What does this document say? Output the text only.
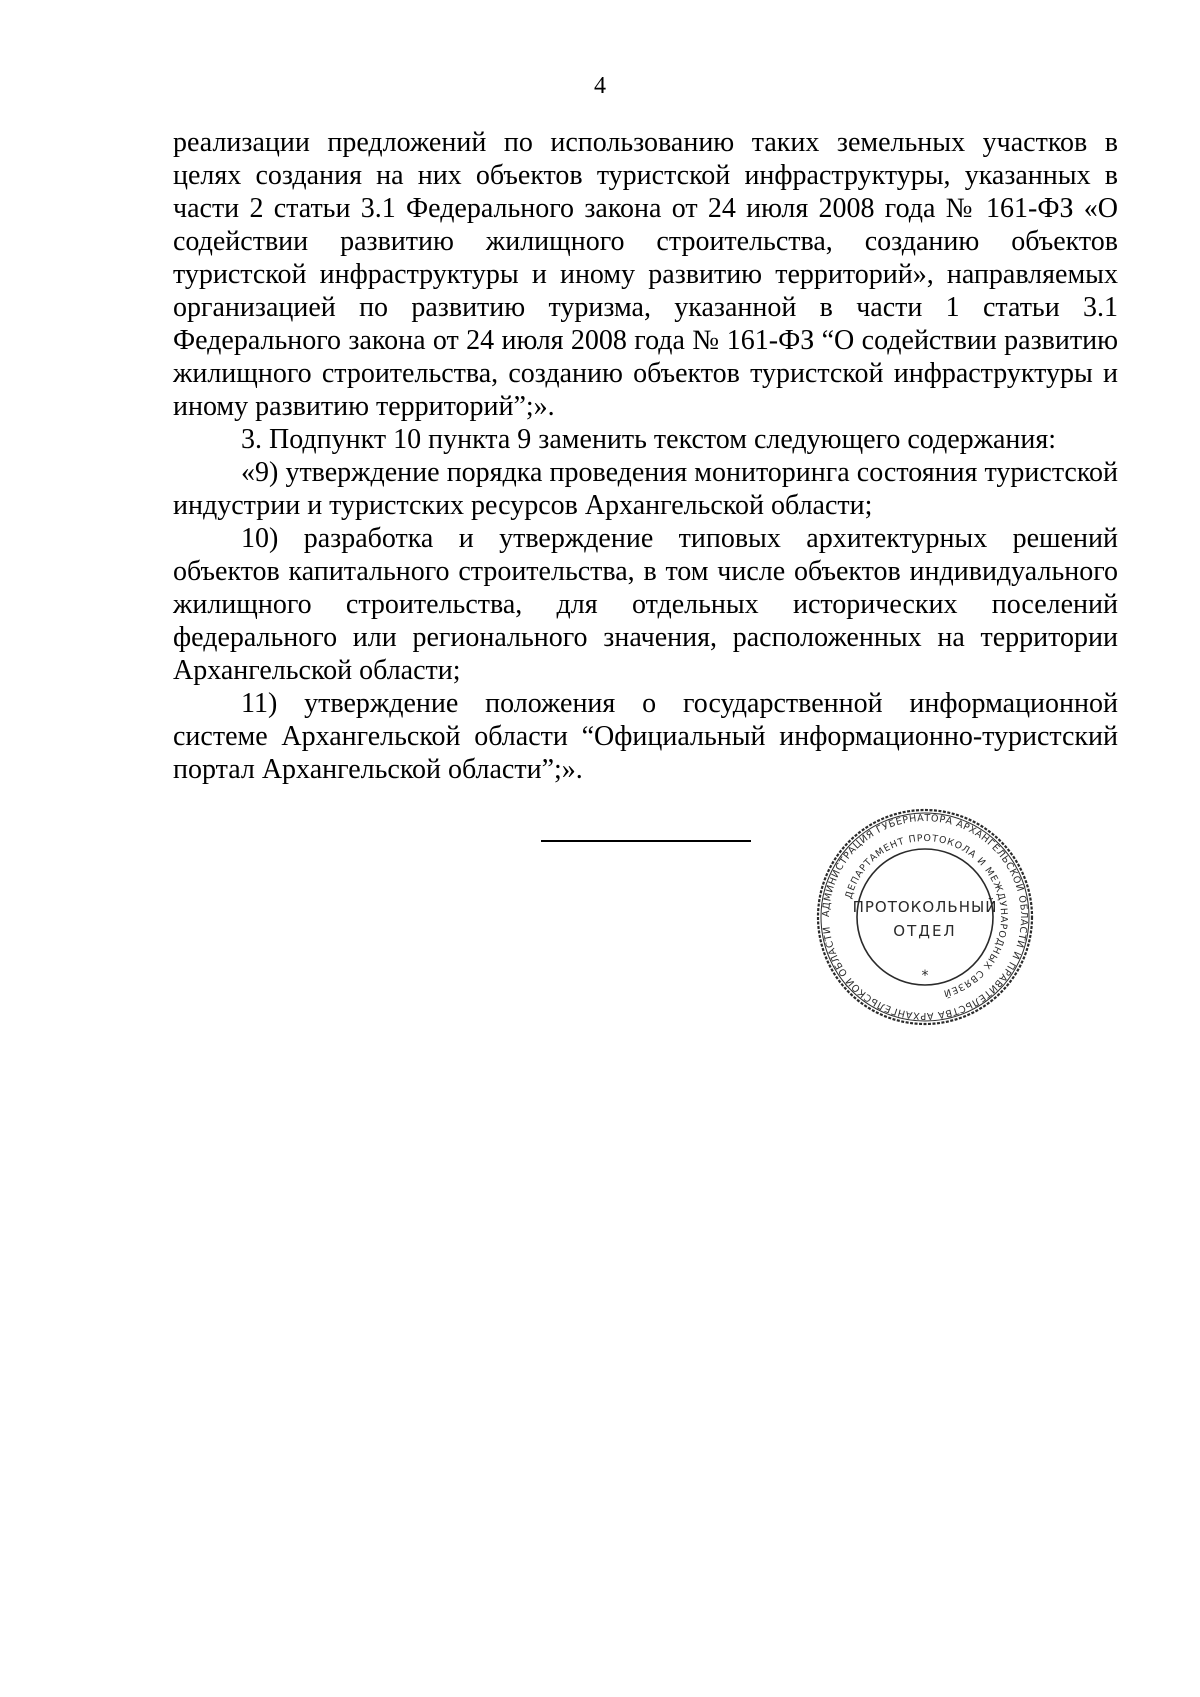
4

реализации предложений по использованию таких земельных участков в целях создания на них объектов туристской инфраструктуры, указанных в части 2 статьи 3.1 Федерального закона от 24 июля 2008 года № 161-ФЗ «О содействии развитию жилищного строительства, созданию объектов туристской инфраструктуры и иному развитию территорий», направляемых организацией по развитию туризма, указанной в части 1 статьи 3.1 Федерального закона от 24 июля 2008 года № 161-ФЗ “О содействии развитию жилищного строительства, созданию объектов туристской инфраструктуры и иному развитию территорий”;».

3. Подпункт 10 пункта 9 заменить текстом следующего содержания:

«9) утверждение порядка проведения мониторинга состояния туристской индустрии и туристских ресурсов Архангельской области;

10) разработка и утверждение типовых архитектурных решений объектов капитального строительства, в том числе объектов индивидуального жилищного строительства, для отдельных исторических поселений федерального или регионального значения, расположенных на территории Архангельской области;

11) утверждение положения о государственной информационной системе Архангельской области “Официальный информационно-туристский портал Архангельской области”;».

АДМИНИСТРАЦИЯ ГУБЕРНАТОРА АРХАНГЕЛЬСКОЙ ОБЛАСТИ И ПРАВИТЕЛЬСТВА АРХАНГЕЛЬСКОЙ ОБЛАСТИ
ДЕПАРТАМЕНТ ПРОТОКОЛА И МЕЖДУНАРОДНЫХ СВЯЗЕЙ
ПРОТОКОЛЬНЫЙ
ОТДЕЛ
*
